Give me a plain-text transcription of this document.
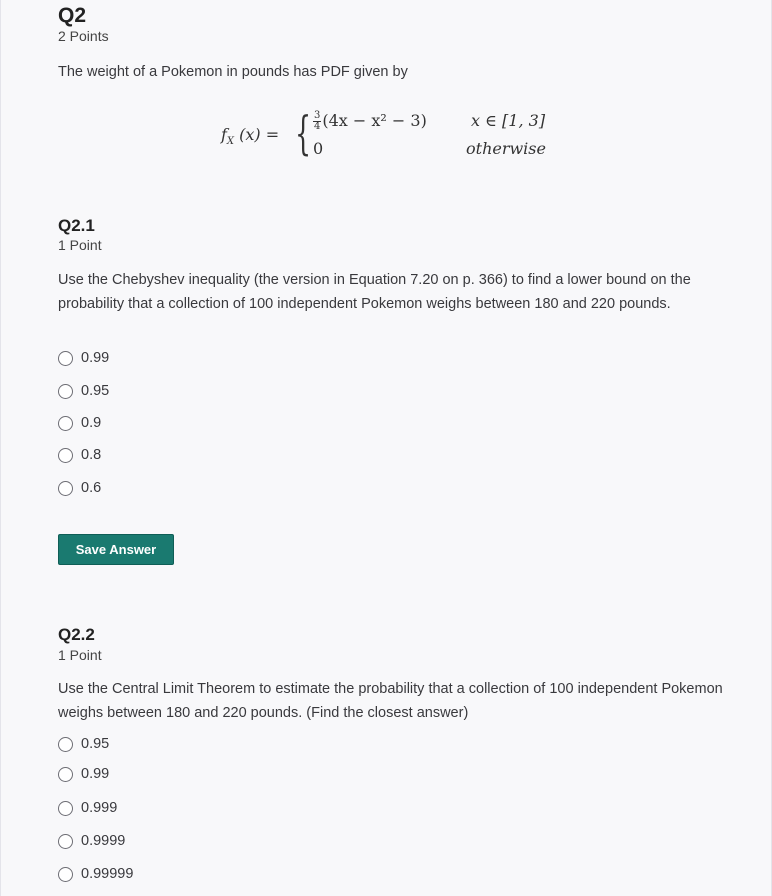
Q2
2 Points
The weight of a Pokemon in pounds has PDF given by
$f_X$ (x) = { $\frac{3}{4} (4x - x^2 - 3)$
0
x ∈ [1, 3]
otherwise
Q2.1
1 Point
Use the Chebyshev inequality (the version in Equation 7.20 on p. 366) to find a lower bound on the probability that a collection of 100 independent Pokemon weighs between 180 and 220 pounds.
0.99
0.95
0.9
0.8
0.6
Save Answer
Q2.2
1 Point
Use the Central Limit Theorem to estimate the probability that a collection of 100 independent Pokemon weighs between 180 and 220 pounds. (Find the closest answer)
0.95
0.99
0.999
0.9999
0.99999
